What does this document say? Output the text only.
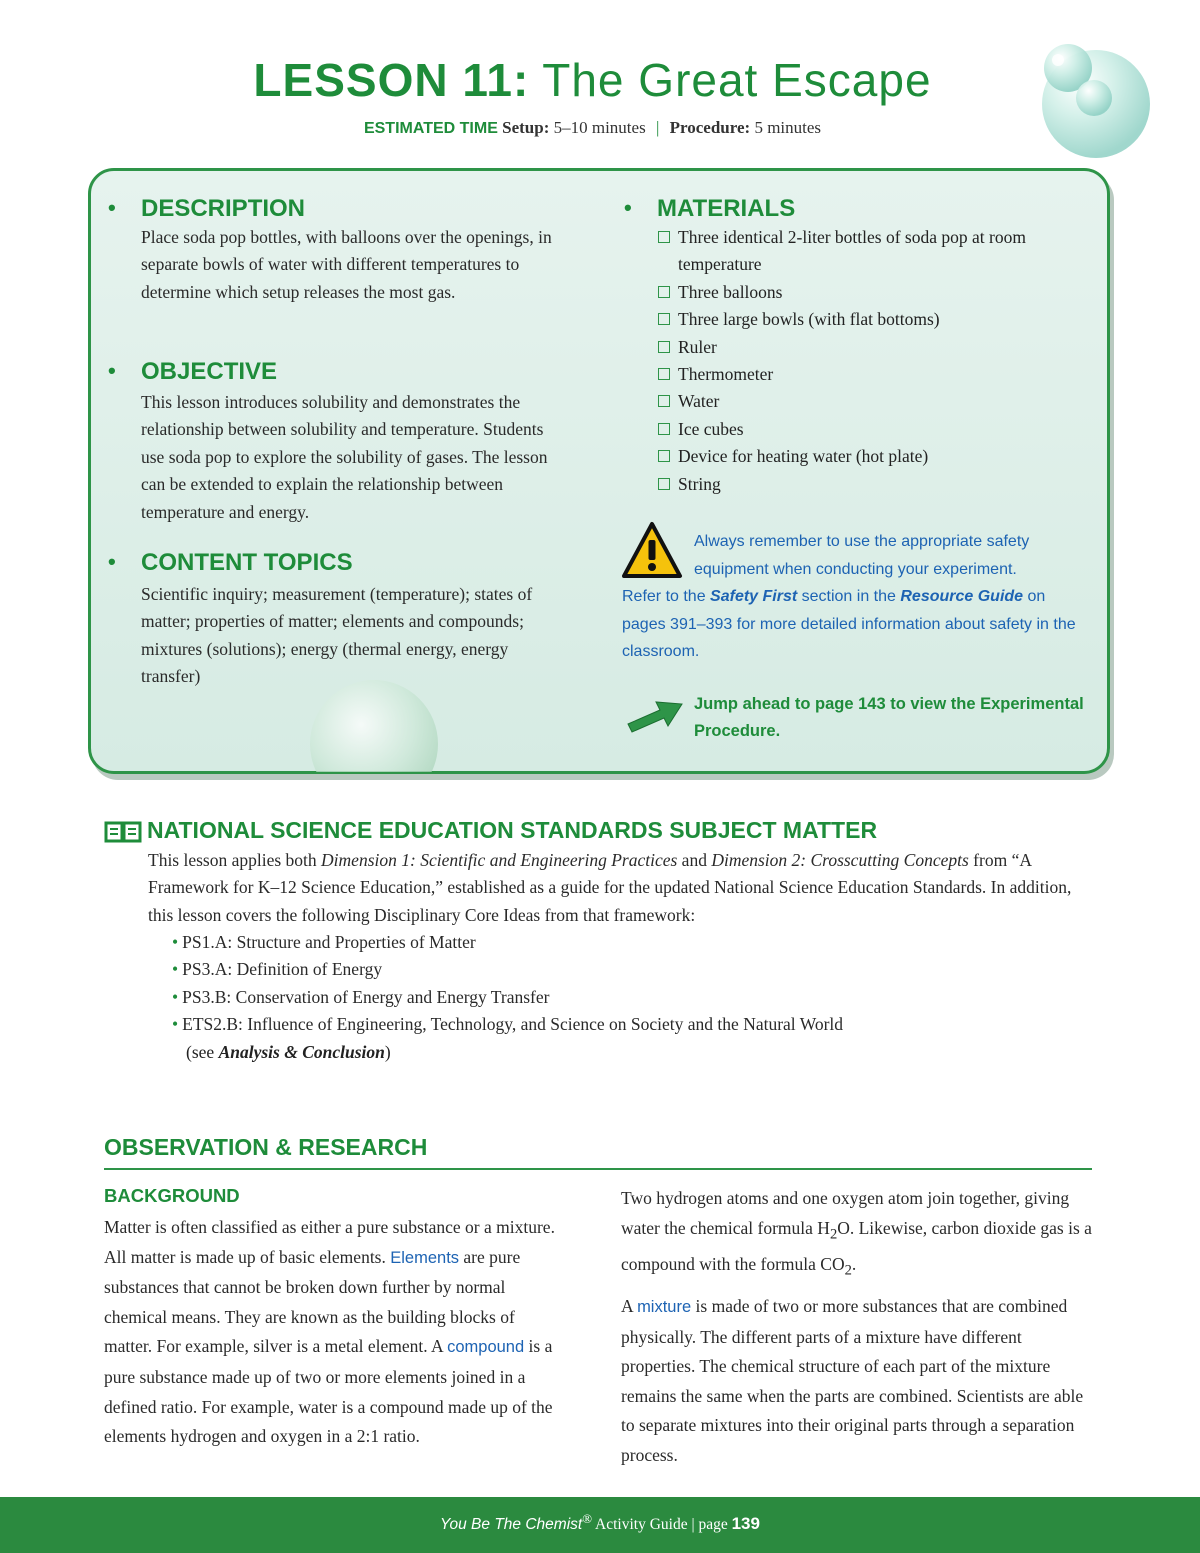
LESSON 11: The Great Escape
ESTIMATED TIME Setup: 5–10 minutes | Procedure: 5 minutes
• DESCRIPTION
Place soda pop bottles, with balloons over the openings, in separate bowls of water with different temperatures to determine which setup releases the most gas.
• OBJECTIVE
This lesson introduces solubility and demonstrates the relationship between solubility and temperature. Students use soda pop to explore the solubility of gases. The lesson can be extended to explain the relationship between temperature and energy.
• CONTENT TOPICS
Scientific inquiry; measurement (temperature); states of matter; properties of matter; elements and compounds; mixtures (solutions); energy (thermal energy, energy transfer)
• MATERIALS
Three identical 2-liter bottles of soda pop at room temperature
Three balloons
Three large bowls (with flat bottoms)
Ruler
Thermometer
Water
Ice cubes
Device for heating water (hot plate)
String
Always remember to use the appropriate safety
equipment when conducting your experiment.
Refer to the Safety First section in the Resource Guide on pages 391–393 for more detailed information about safety in the classroom.
Jump ahead to page 143 to view the Experimental Procedure.
NATIONAL SCIENCE EDUCATION STANDARDS SUBJECT MATTER
This lesson applies both Dimension 1: Scientific and Engineering Practices and Dimension 2: Crosscutting Concepts from “A Framework for K–12 Science Education,” established as a guide for the updated National Science Education Standards. In addition, this lesson covers the following Disciplinary Core Ideas from that framework:
• PS1.A: Structure and Properties of Matter
• PS3.A: Definition of Energy
• PS3.B: Conservation of Energy and Energy Transfer
• ETS2.B: Influence of Engineering, Technology, and Science on Society and the Natural World
(see Analysis & Conclusion)
OBSERVATION & RESEARCH
BACKGROUND
Matter is often classified as either a pure substance or a mixture. All matter is made up of basic elements. Elements are pure substances that cannot be broken down further by normal chemical means. They are known as the building blocks of matter. For example, silver is a metal element. A compound is a pure substance made up of two or more elements joined in a defined ratio. For example, water is a compound made up of the elements hydrogen and oxygen in a 2:1 ratio.
Two hydrogen atoms and one oxygen atom join together, giving water the chemical formula $H_2O$. Likewise, carbon dioxide gas is a compound with the formula $CO_2$.
A mixture is made of two or more substances that are combined physically. The different parts of a mixture have different properties. The chemical structure of each part of the mixture remains the same when the parts are combined. Scientists are able to separate mixtures into their original parts through a separation process.
You Be The Chemist® Activity Guide | page 139
